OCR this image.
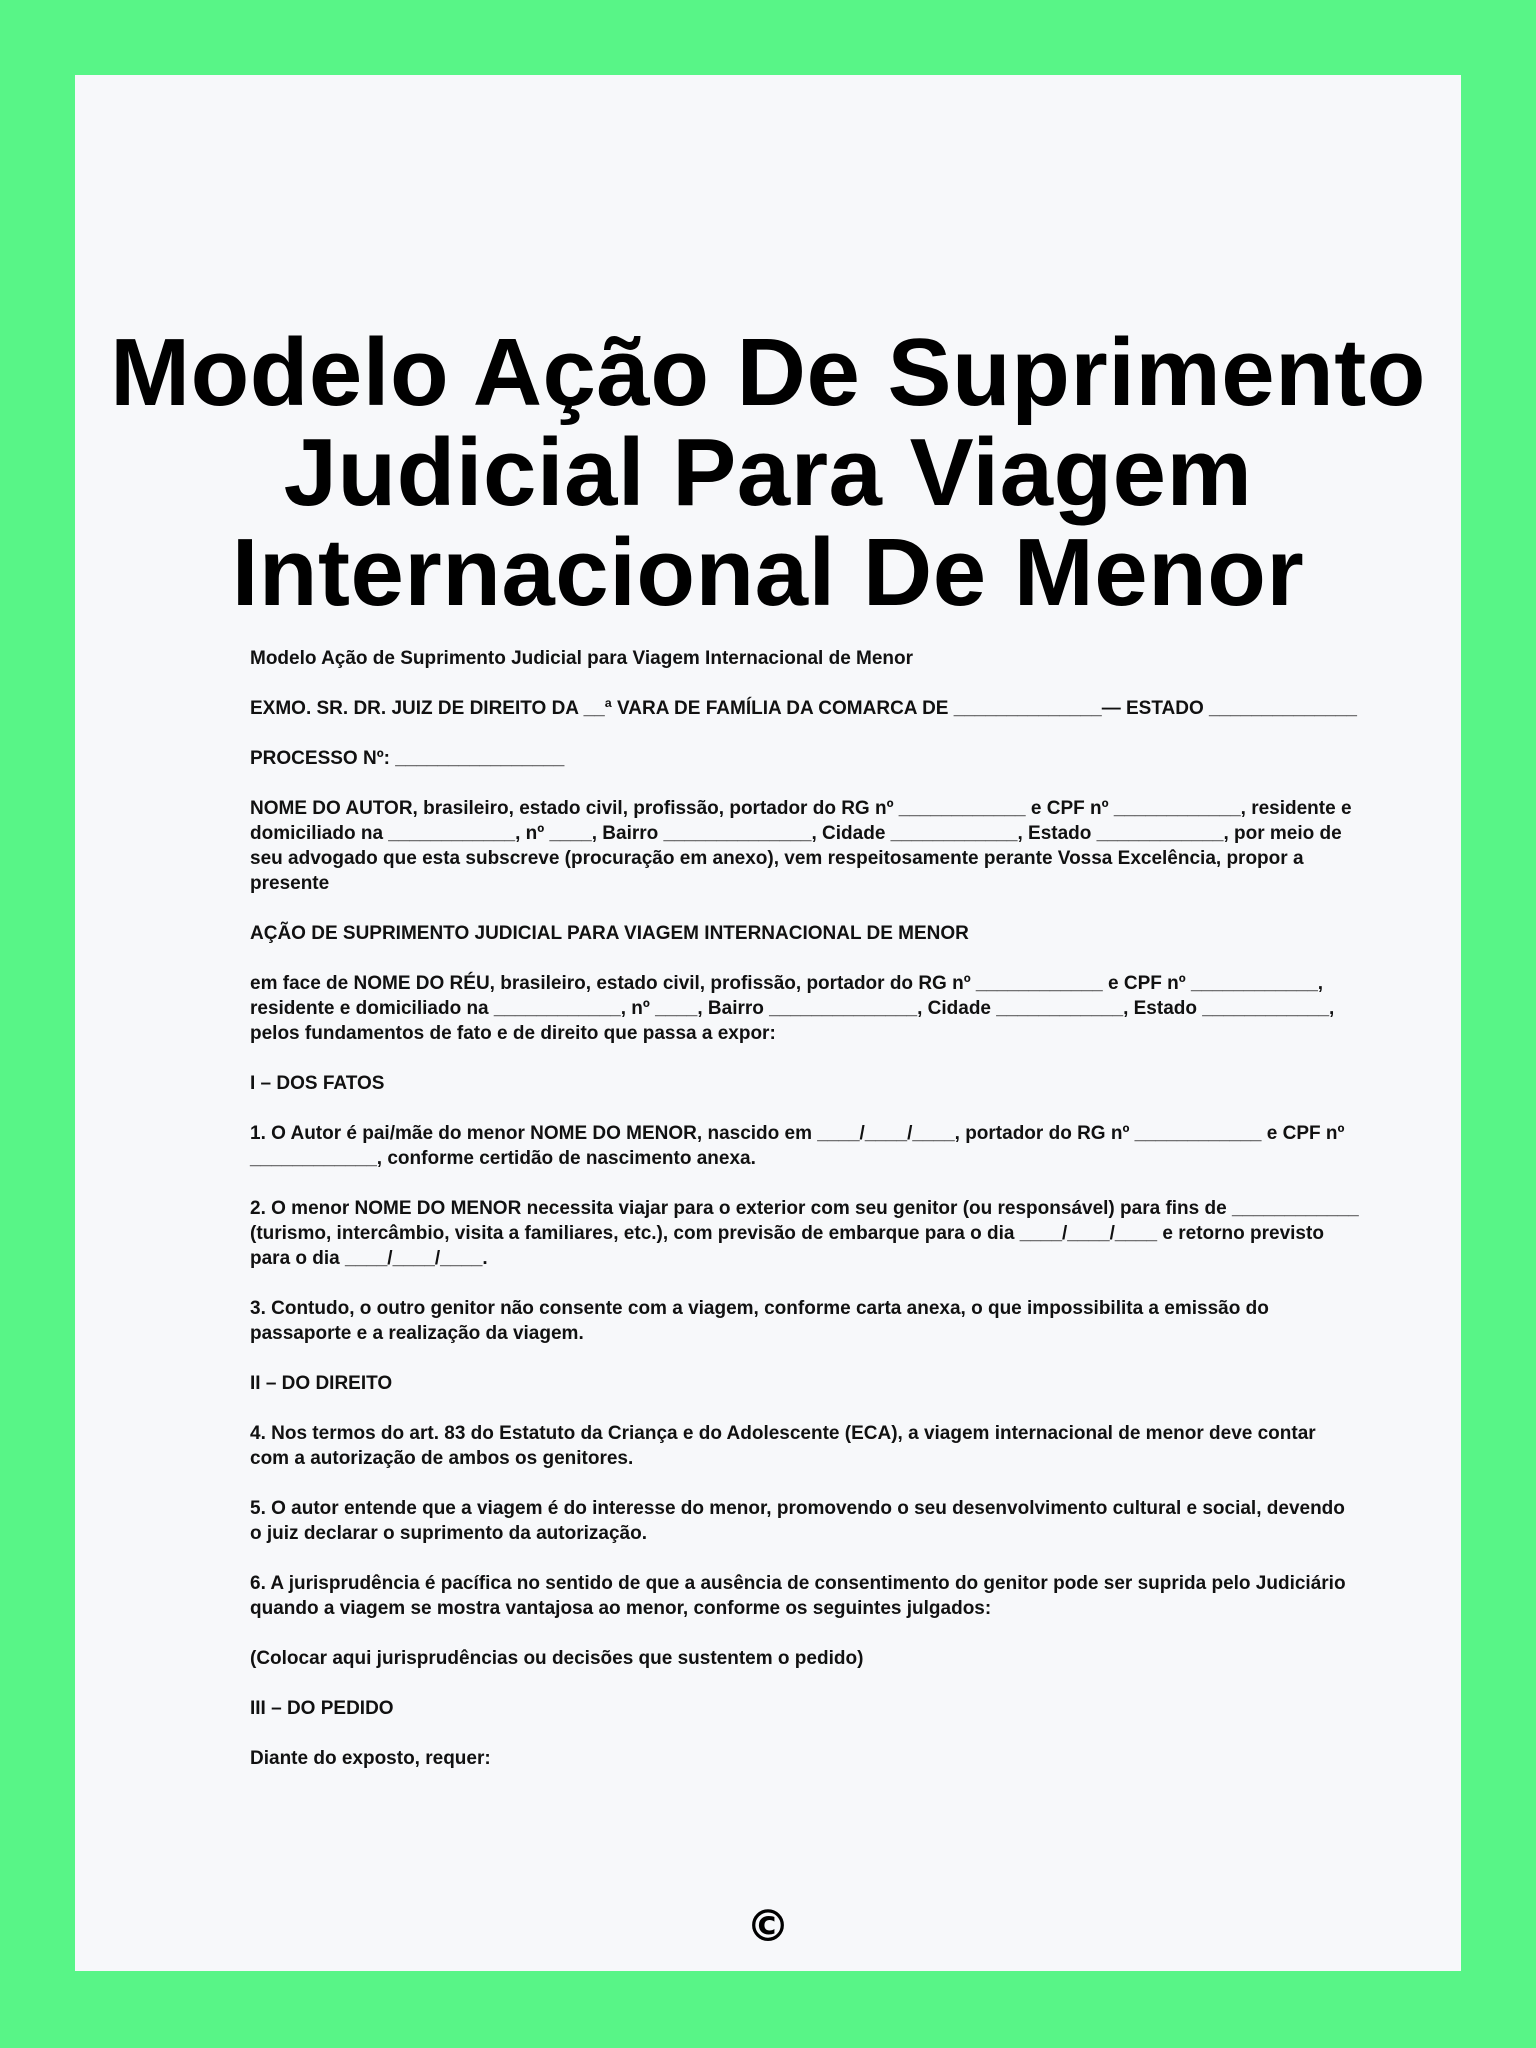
Modelo Ação De Suprimento Judicial Para Viagem Internacional De Menor

Modelo Ação de Suprimento Judicial para Viagem Internacional de Menor

EXMO. SR. DR. JUIZ DE DIREITO DA __ª VARA DE FAMÍLIA DA COMARCA DE ______________— ESTADO ______________

PROCESSO Nº: ________________

NOME DO AUTOR, brasileiro, estado civil, profissão, portador do RG nº ____________ e CPF nº ____________, residente e domiciliado na ____________, nº ____, Bairro ______________, Cidade ____________, Estado ____________, por meio de seu advogado que esta subscreve (procuração em anexo), vem respeitosamente perante Vossa Excelência, propor a presente

AÇÃO DE SUPRIMENTO JUDICIAL PARA VIAGEM INTERNACIONAL DE MENOR

em face de NOME DO RÉU, brasileiro, estado civil, profissão, portador do RG nº ____________ e CPF nº ____________, residente e domiciliado na ____________, nº ____, Bairro ______________, Cidade ____________, Estado ____________, pelos fundamentos de fato e de direito que passa a expor:

I – DOS FATOS

1. O Autor é pai/mãe do menor NOME DO MENOR, nascido em ____/____/____, portador do RG nº ____________ e CPF nº ____________, conforme certidão de nascimento anexa.

2. O menor NOME DO MENOR necessita viajar para o exterior com seu genitor (ou responsável) para fins de ____________ (turismo, intercâmbio, visita a familiares, etc.), com previsão de embarque para o dia ____/____/____ e retorno previsto para o dia ____/____/____.

3. Contudo, o outro genitor não consente com a viagem, conforme carta anexa, o que impossibilita a emissão do passaporte e a realização da viagem.

II – DO DIREITO

4. Nos termos do art. 83 do Estatuto da Criança e do Adolescente (ECA), a viagem internacional de menor deve contar com a autorização de ambos os genitores.

5. O autor entende que a viagem é do interesse do menor, promovendo o seu desenvolvimento cultural e social, devendo o juiz declarar o suprimento da autorização.

6. A jurisprudência é pacífica no sentido de que a ausência de consentimento do genitor pode ser suprida pelo Judiciário quando a viagem se mostra vantajosa ao menor, conforme os seguintes julgados:

(Colocar aqui jurisprudências ou decisões que sustentem o pedido)

III – DO PEDIDO

Diante do exposto, requer:

©
